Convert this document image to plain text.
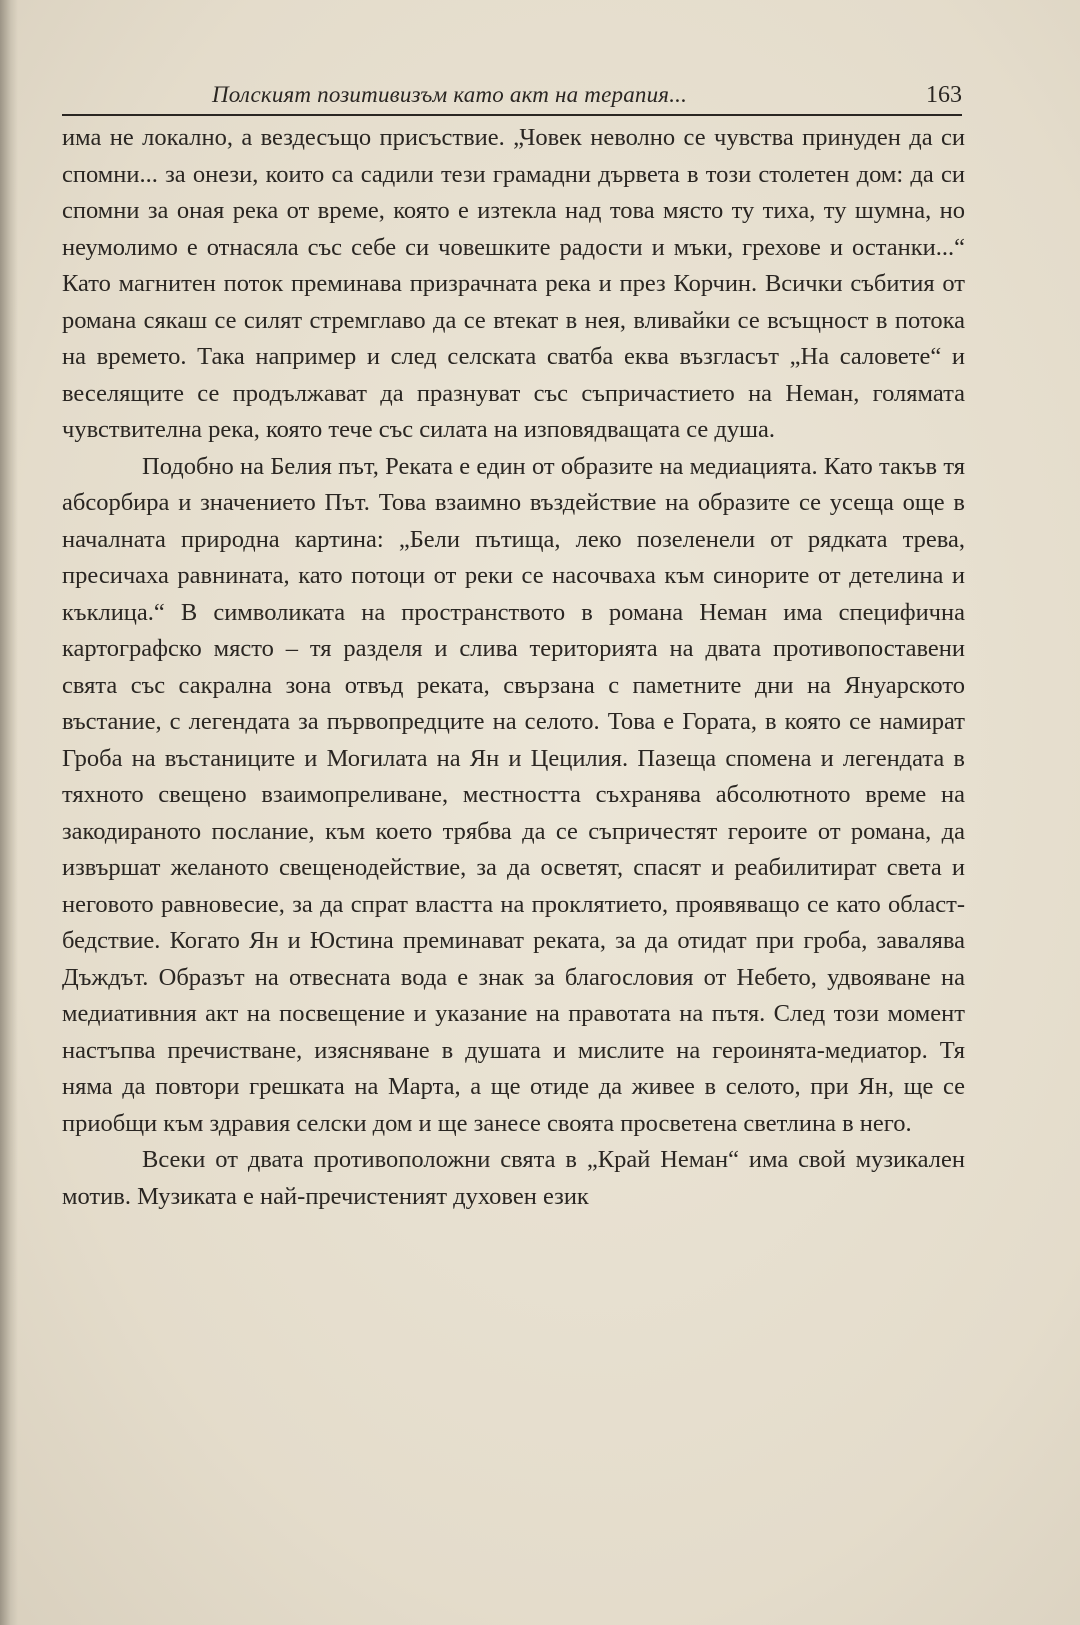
Полският позитивизъм като акт на терапия...	163

има не локално, а вездесъщо присъствие. „Човек неволно се чувства принуден да си спомни... за онези, които са садили тези грамадни дървета в този столетен дом: да си спомни за оная река от време, която е изтекла над това място ту тиха, ту шумна, но неумолимо е отнасяла със себе си човешките радости и мъки, грехове и останки...“ Като магнитен поток преминава призрачната река и през Корчин. Всички събития от романа сякаш се силят стремглаво да се втекат в нея, вливайки се всъщност в потока на времето. Така например и след селската сватба еква възгласът „На саловете“ и веселящите се продължават да празнуват със съпричастието на Неман, голямата чувствителна река, която тече със силата на изповядващата се душа.

Подобно на Белия път, Реката е един от образите на медиацията. Като такъв тя абсорбира и значението Път. Това взаимно въздействие на образите се усеща още в началната природна картина: „Бели пътища, леко позеленели от рядката трева, пресичаха равнината, като потоци от реки се насочваха към синорите от детелина и къклица.“ В символиката на пространството в романа Неман има специфична картографско място – тя разделя и слива територията на двата противопоставени свята със сакрална зона отвъд реката, свързана с паметните дни на Януарското въстание, с легендата за първопредците на селото. Това е Гората, в която се намират Гроба на въстаниците и Могилата на Ян и Цецилия. Пазеща спомена и легендата в тяхното свещено взаимопреливане, местността съхранява абсолютното време на закодираното послание, към което трябва да се съпричестят героите от романа, да извършат желаното свещенодействие, за да осветят, спасят и реабилитират света и неговото равновесие, за да спрат властта на проклятието, проявяващо се като област-бедствие. Когато Ян и Юстина преминават реката, за да отидат при гроба, завалява Дъждът. Образът на отвесната вода е знак за благословия от Небето, удвояване на медиативния акт на посвещение и указание на правотата на пътя. След този момент настъпва пречистване, изясняване в душата и мислите на героинята-медиатор. Тя няма да повтори грешката на Марта, а ще отиде да живее в селото, при Ян, ще се приобщи към здравия селски дом и ще занесе своята просветена светлина в него.

Всеки от двата противоположни свята в „Край Неман“ има свой музикален мотив. Музиката е най-пречистеният духовен език
